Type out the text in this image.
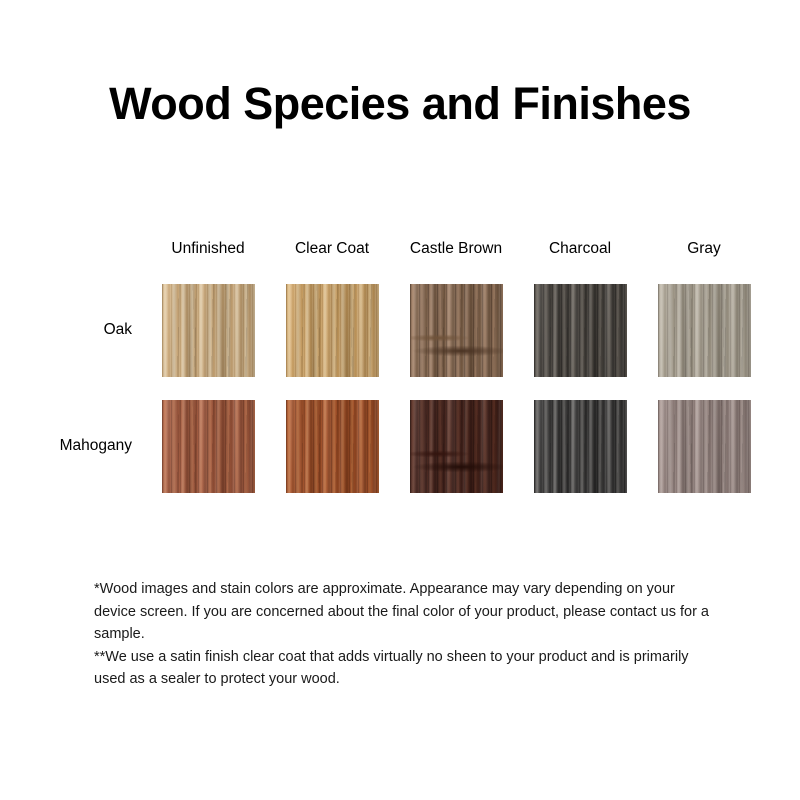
Wood Species and Finishes
	Unfinished	Clear Coat	Castle Brown	Charcoal	Gray
Oak	

Mahogany	

*Wood images and stain colors are approximate. Appearance may vary depending on your device screen. If you are concerned about the final color of your product, please contact us for a sample.

**We use a satin finish clear coat that adds virtually no sheen to your product and is primarily used as a sealer to protect your wood.
